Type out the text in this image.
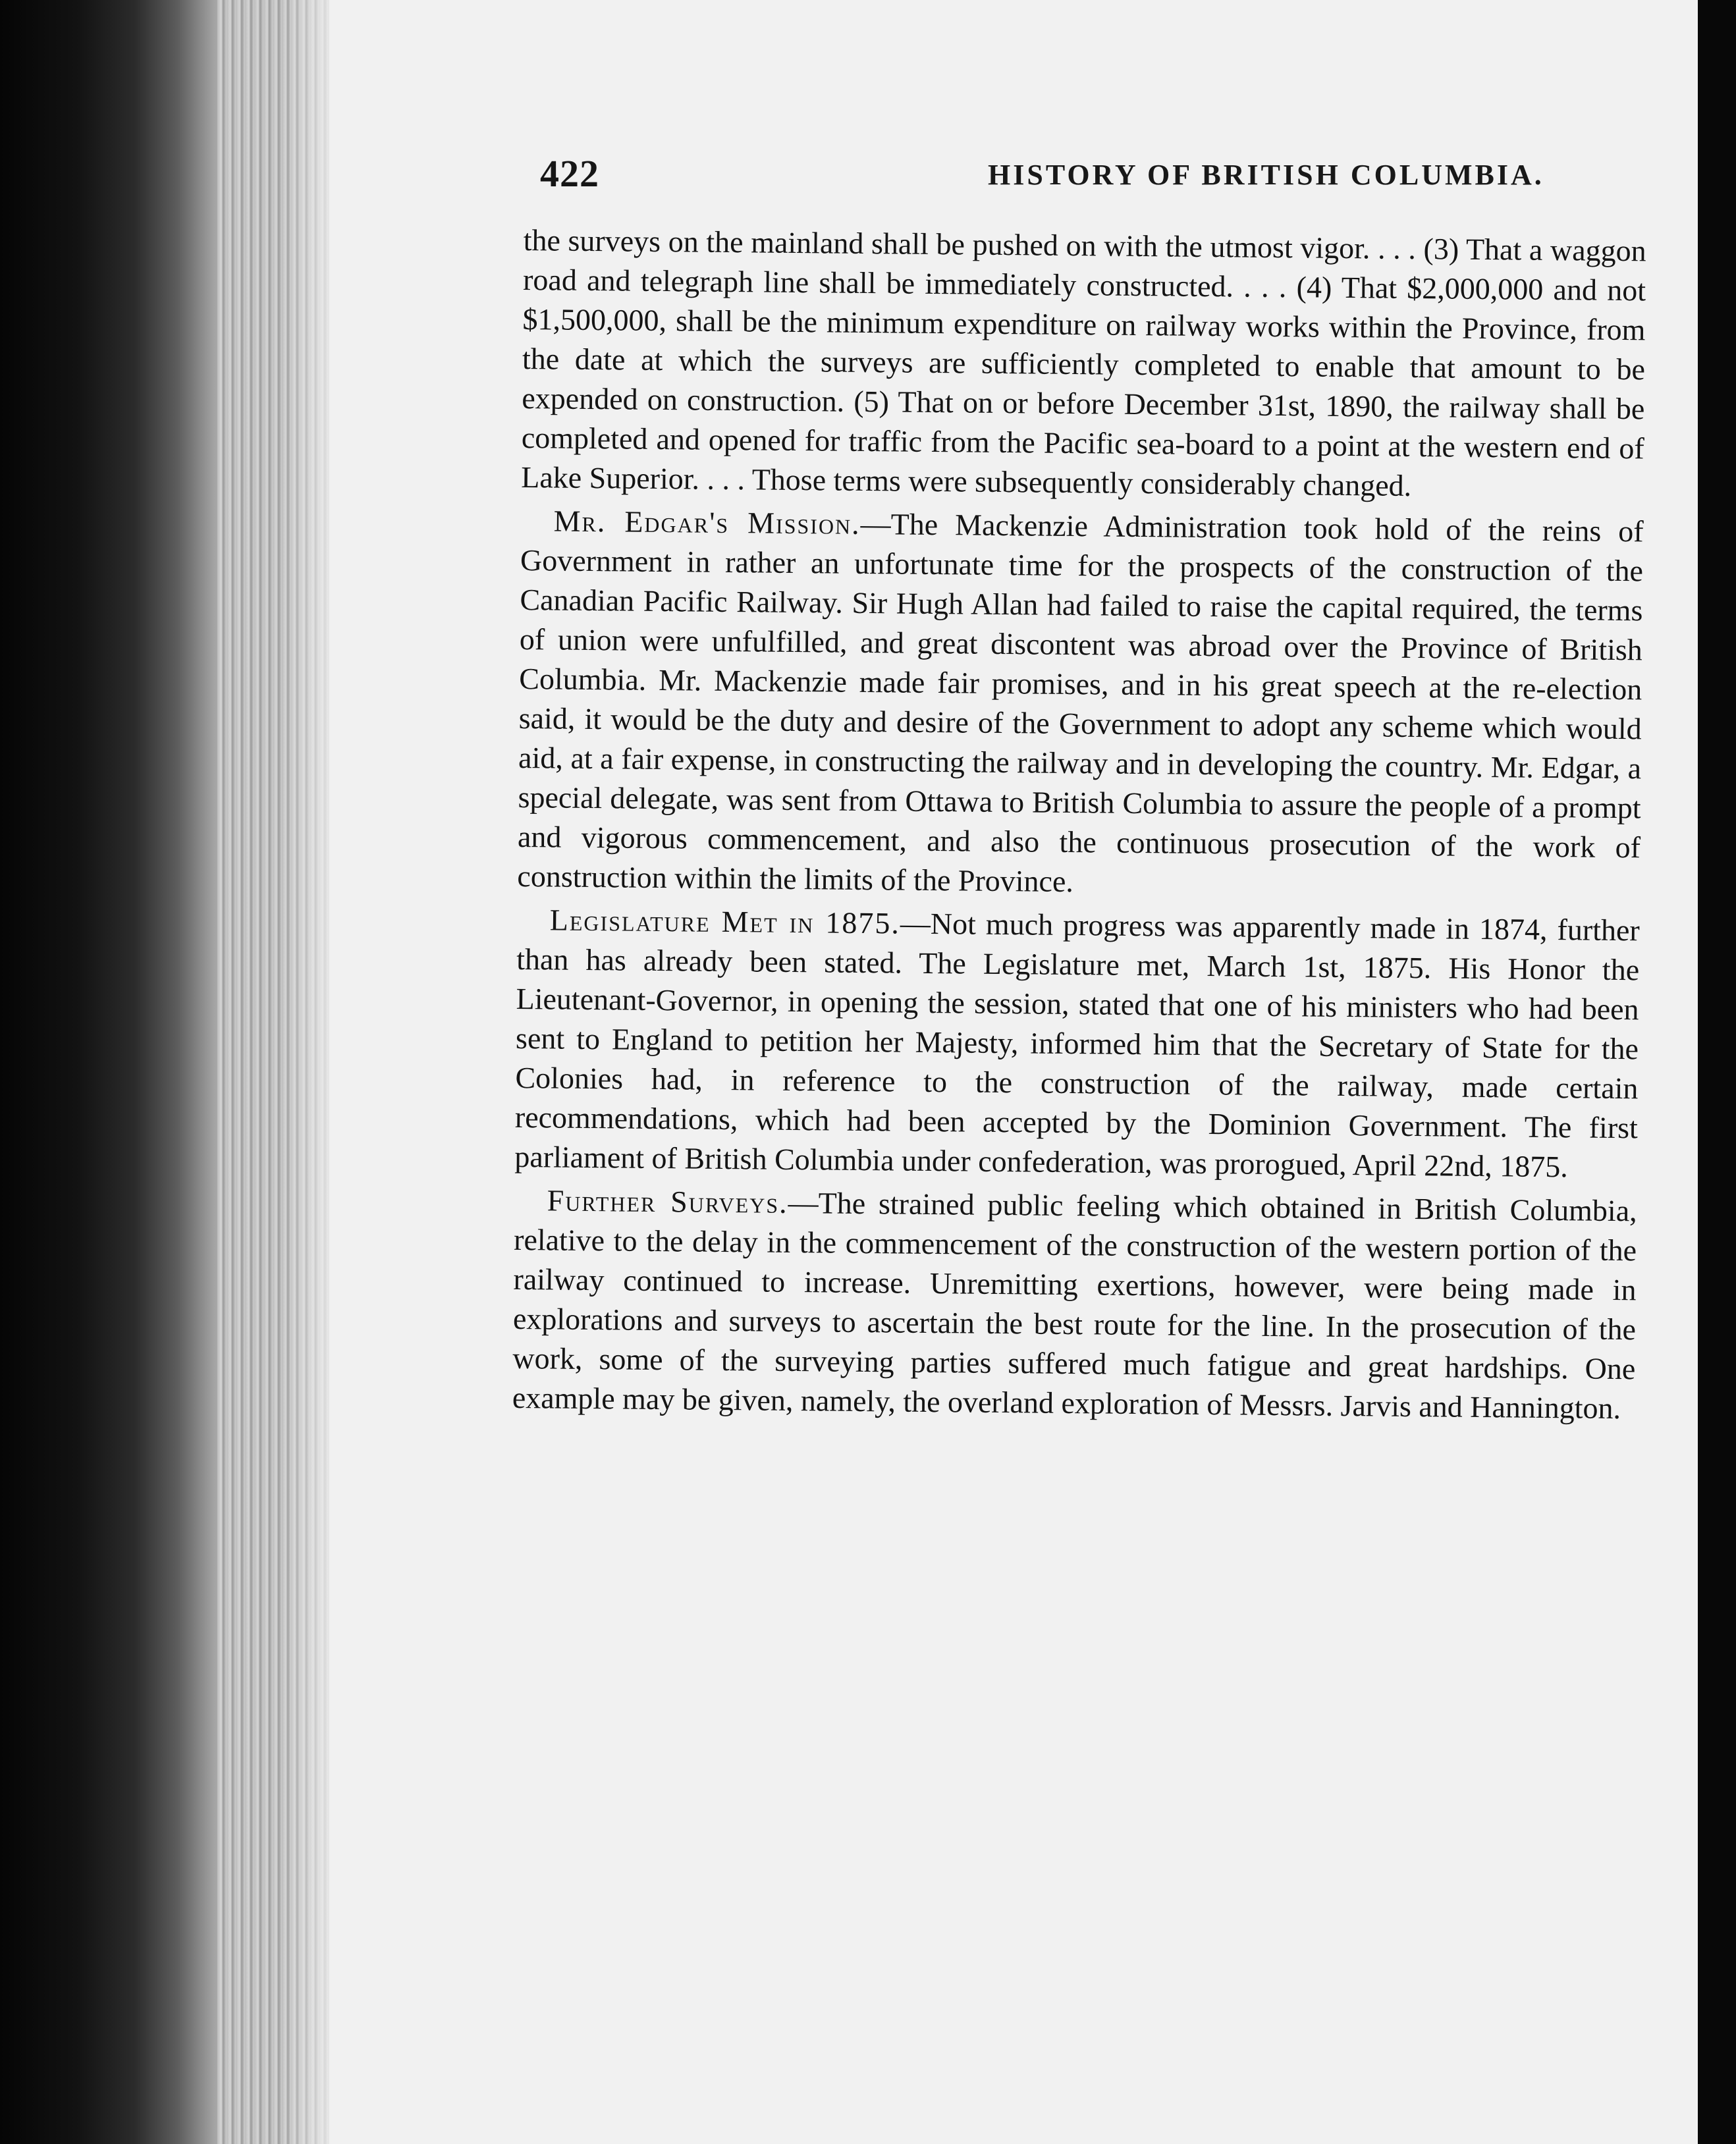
422	HISTORY OF BRITISH COLUMBIA.

the surveys on the mainland shall be pushed on with the utmost vigor. . . . (3) That a waggon road and telegraph line shall be immediately constructed. . . . (4) That $2,000,000 and not $1,500,000, shall be the minimum expenditure on railway works within the Province, from the date at which the surveys are sufficiently completed to enable that amount to be expended on construction. (5) That on or before December 31st, 1890, the railway shall be completed and opened for traffic from the Pacific sea-board to a point at the western end of Lake Superior. . . . Those terms were subsequently considerably changed.

Mr. Edgar's Mission.—The Mackenzie Administration took hold of the reins of Government in rather an unfortunate time for the prospects of the construction of the Canadian Pacific Railway. Sir Hugh Allan had failed to raise the capital required, the terms of union were unfulfilled, and great discontent was abroad over the Province of British Columbia. Mr. Mackenzie made fair promises, and in his great speech at the re-election said, it would be the duty and desire of the Government to adopt any scheme which would aid, at a fair expense, in constructing the railway and in developing the country. Mr. Edgar, a special delegate, was sent from Ottawa to British Columbia to assure the people of a prompt and vigorous commencement, and also the continuous prosecution of the work of construction within the limits of the Province.

Legislature Met in 1875.—Not much progress was apparently made in 1874, further than has already been stated. The Legislature met, March 1st, 1875. His Honor the Lieutenant-Governor, in opening the session, stated that one of his ministers who had been sent to England to petition her Majesty, informed him that the Secretary of State for the Colonies had, in reference to the construction of the railway, made certain recommendations, which had been accepted by the Dominion Government. The first parliament of British Columbia under confederation, was prorogued, April 22nd, 1875.

Further Surveys.—The strained public feeling which obtained in British Columbia, relative to the delay in the commencement of the construction of the western portion of the railway continued to increase. Unremitting exertions, however, were being made in explorations and surveys to ascertain the best route for the line. In the prosecution of the work, some of the surveying parties suffered much fatigue and great hardships. One example may be given, namely, the overland exploration of Messrs. Jarvis and Hannington.
